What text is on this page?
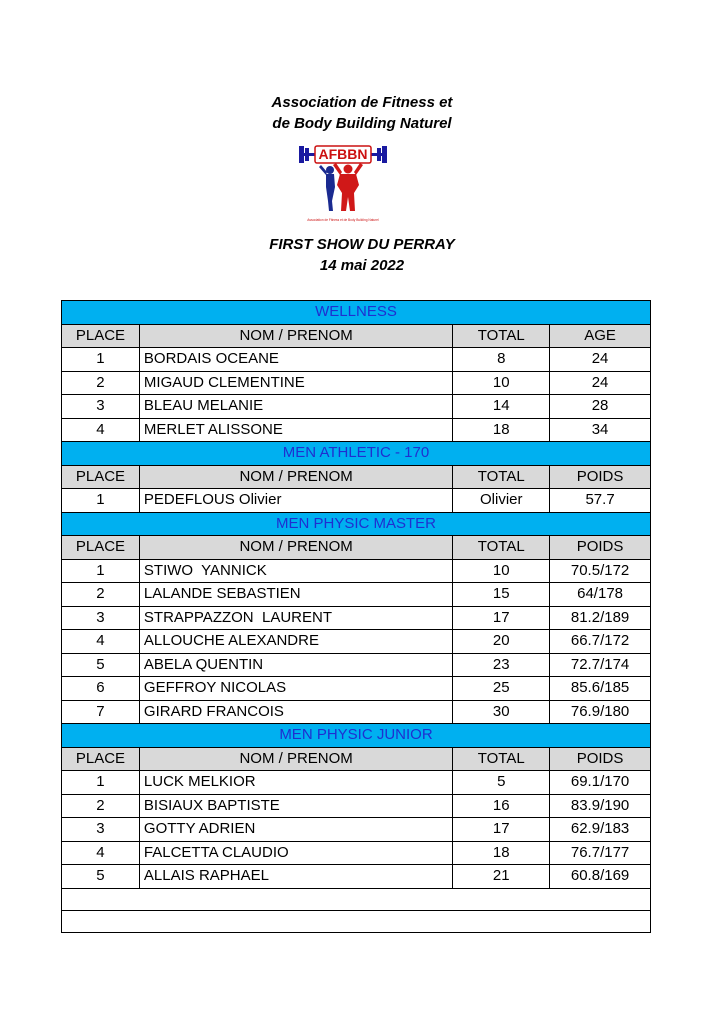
Association de Fitness et
de Body Building Naturel
AFBBN
Association de Fitness et de Body Building Naturel
FIRST SHOW DU PERRAY
14 mai 2022
WELLNESS			
PLACE	NOM / PRENOM	TOTAL	AGE
1	BORDAIS OCEANE	8	24
2	MIGAUD CLEMENTINE	10	24
3	BLEAU MELANIE	14	28
4	MERLET ALISSONE	18	34
MEN ATHLETIC - 170			
PLACE	NOM / PRENOM	TOTAL	POIDS
1	PEDEFLOUS Olivier	Olivier	57.7
MEN PHYSIC MASTER			
PLACE	NOM / PRENOM	TOTAL	POIDS
1	STIWO  YANNICK	10	70.5/172
2	LALANDE SEBASTIEN	15	64/178
3	STRAPPAZZON  LAURENT	17	81.2/189
4	ALLOUCHE ALEXANDRE	20	66.7/172
5	ABELA QUENTIN	23	72.7/174
6	GEFFROY NICOLAS	25	85.6/185
7	GIRARD FRANCOIS	30	76.9/180
MEN PHYSIC JUNIOR			
PLACE	NOM / PRENOM	TOTAL	POIDS
1	LUCK MELKIOR	5	69.1/170
2	BISIAUX BAPTISTE	16	83.9/190
3	GOTTY ADRIEN	17	62.9/183
4	FALCETTA CLAUDIO	18	76.7/177
5	ALLAIS RAPHAEL	21	60.8/169
